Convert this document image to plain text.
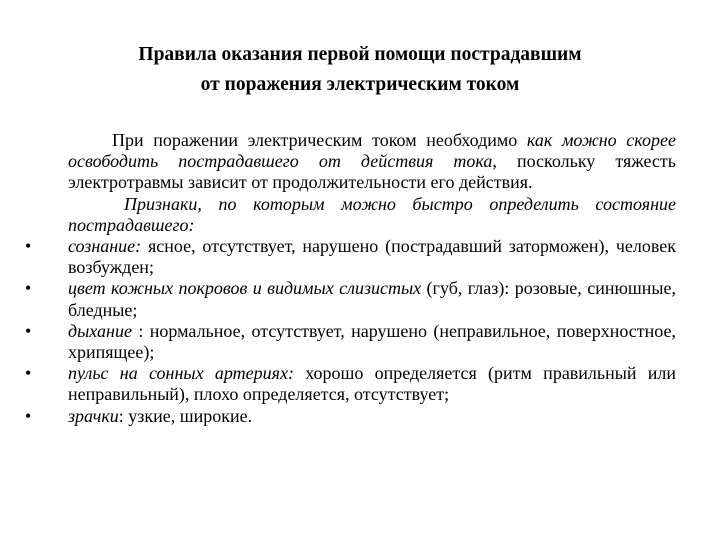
Правила оказания первой помощи пострадавшим
от поражения электрическим током

При поражении электрическим током необходимо как можно скорее освободить пострадавшего от действия тока, поскольку тяжесть электротравмы зависит от продолжительности его действия.

Признаки, по которым можно быстро определить состояние пострадавшего:

• сознание: ясное, отсутствует, нарушено (пострадавший заторможен), человек возбужден;
• цвет кожных покровов и видимых слизистых (губ, глаз): розовые, синюшные, бледные;
• дыхание : нормальное, отсутствует, нарушено (неправильное, поверхностное, хрипящее);
• пульс на сонных артериях: хорошо определяется (ритм правильный или неправильный), плохо определяется, отсутствует;
• зрачки: узкие, широкие.
